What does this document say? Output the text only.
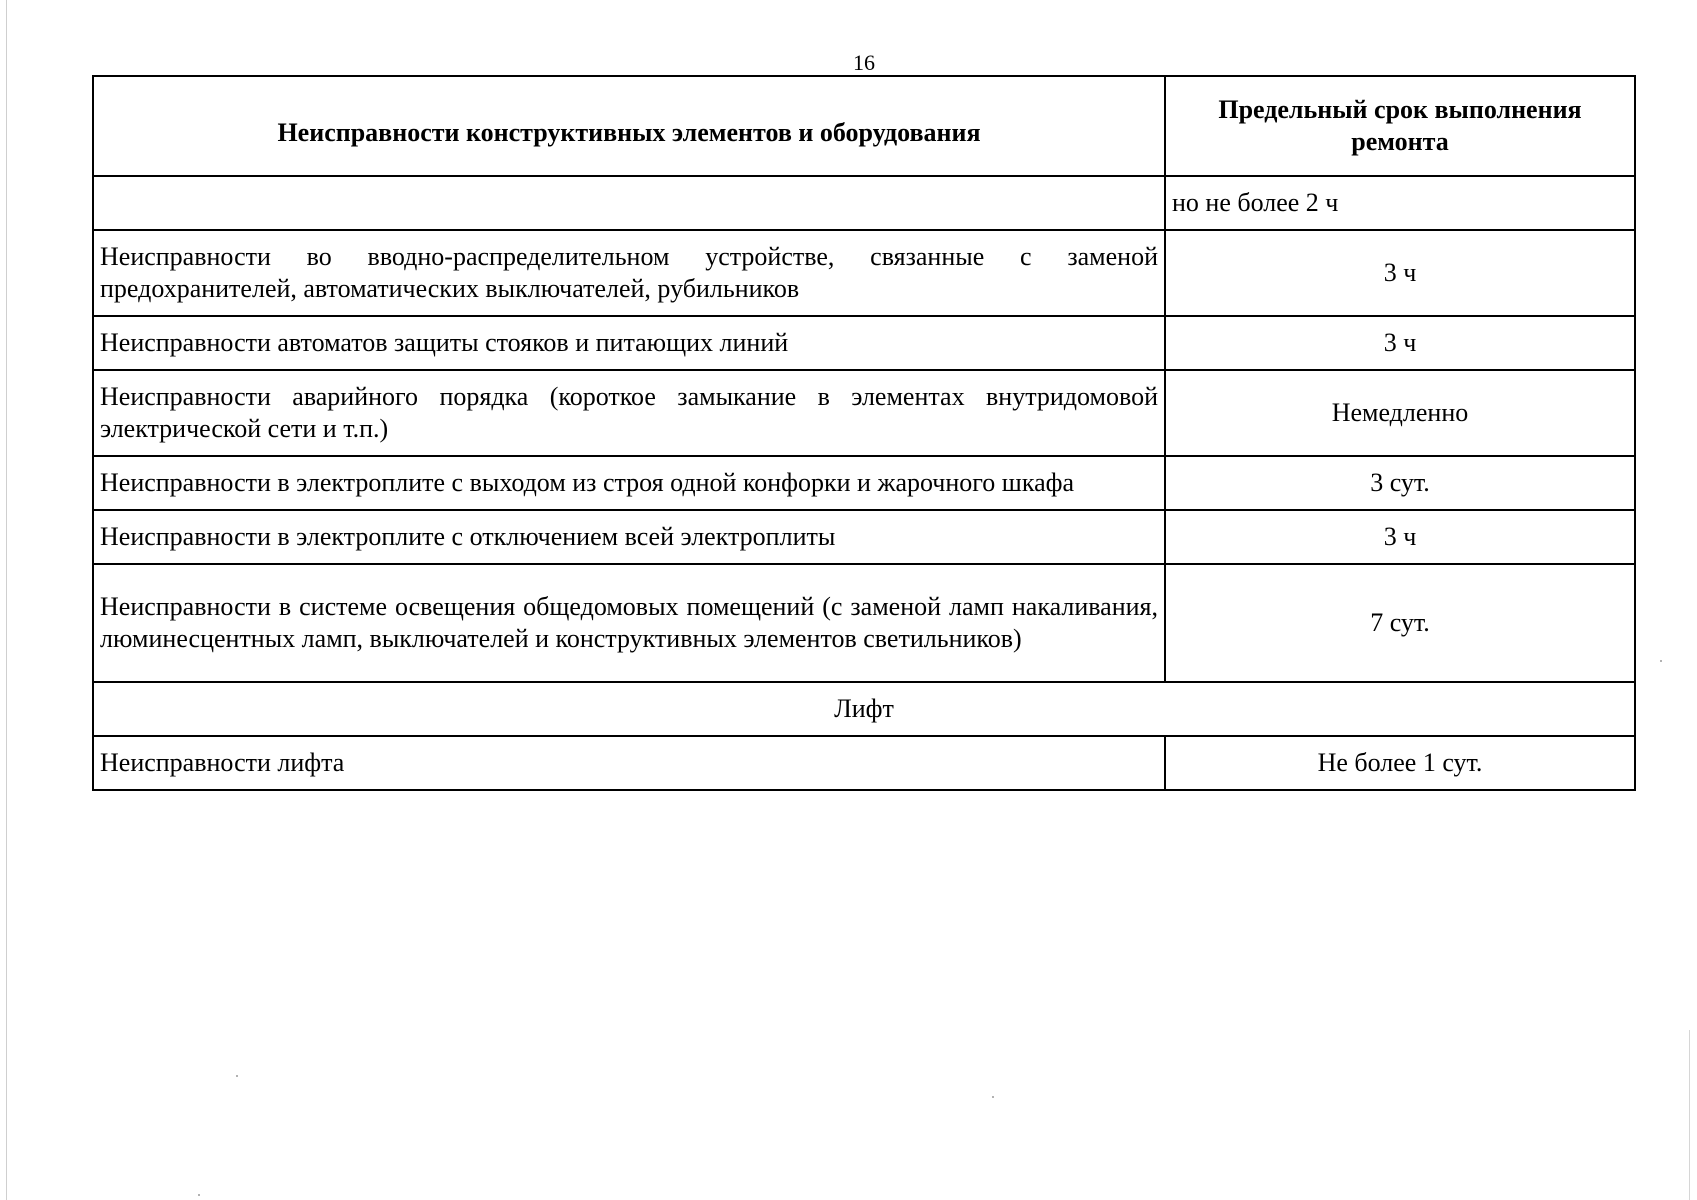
16
Неисправности конструктивных элементов и оборудования	Предельный срок выполнения ремонта
	но не более 2 ч
Неисправности во вводно-распределительном устройстве, связанные с заменой предохранителей, автоматических выключателей, рубильников	3 ч
Неисправности автоматов защиты стояков и питающих линий	3 ч
Неисправности аварийного порядка (короткое замыкание в элементах внутридомовой электрической сети и т.п.)	Немедленно
Неисправности в электроплите с выходом из строя одной конфорки и жарочного шкафа	3 сут.
Неисправности в электроплите с отключением всей электроплиты	3 ч
Неисправности в системе освещения общедомовых помещений (с заменой ламп накаливания, люминесцентных ламп, выключателей и конструктивных элементов светильников)	7 сут.
Лифт	
Неисправности лифта	Не более 1 сут.
